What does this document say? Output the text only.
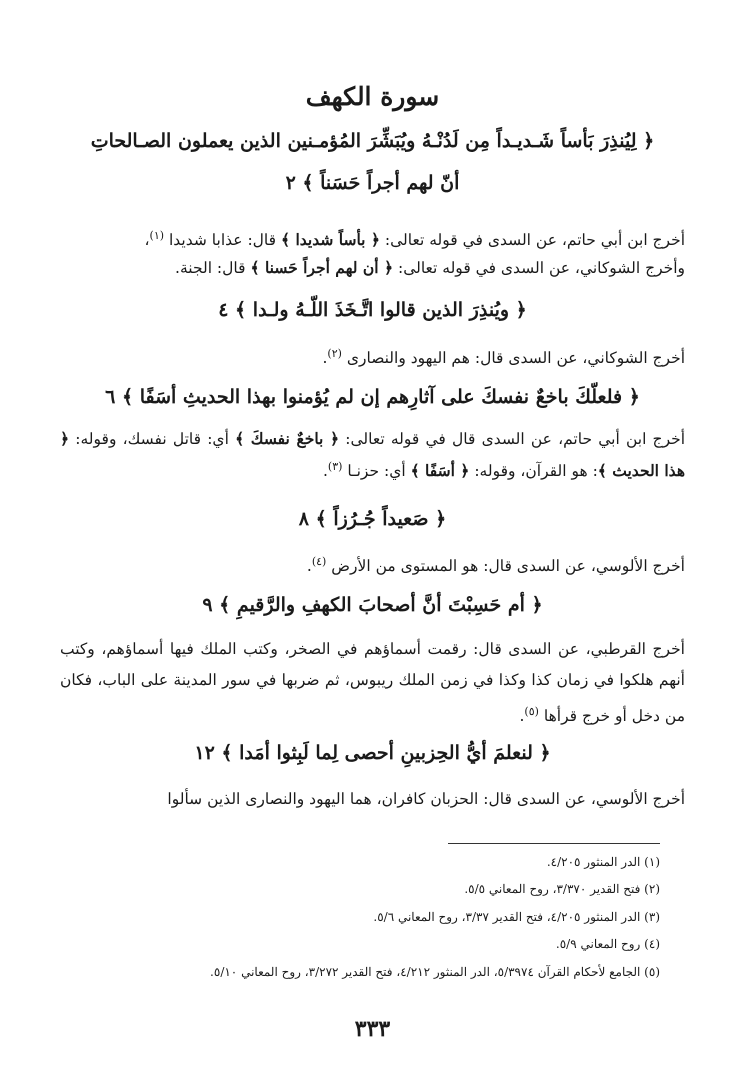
سورة الكهف
﴿ لِيُنذِرَ بَأساً شَـديـداً مِن لَدُنْـهُ ويُبَشِّرَ المُؤمـنين الذين يعملون الصـالحاتِ
أنّ لهم أجراً حَسَناً ﴾ ٢
أخرج ابن أبي حاتم، عن السدى في قوله تعالى: ﴿ بأساً شديدا ﴾ قال: عذابا شديدا $^{(١)}$،
وأخرج الشوكاني، عن السدى في قوله تعالى: ﴿ أن لهم أجراً حَسنا ﴾ قال: الجنة.
﴿ ويُنذِرَ الذين قالوا اتَّـخَذَ اللّـهُ ولـدا ﴾ ٤
أخرج الشوكاني، عن السدى قال: هم اليهود والنصارى $^{(٢)}$.
﴿ فلعلّكَ باخعٌ نفسكَ على آثارِهم إن لم يُؤمنوا بهذا الحديثِ أسَفًا ﴾ ٦
أخرج ابن أبي حاتم، عن السدى قال في قوله تعالى: ﴿ باخعٌ نفسكَ ﴾ أي: قاتل نفسك، وقوله: ﴿ هذا الحديث ﴾: هو القرآن، وقوله: ﴿ أسَفًا ﴾ أي: حزنـا $^{(٣)}$.
﴿ صَعيداً جُـرُزاً ﴾ ٨
أخرج الألوسي، عن السدى قال: هو المستوى من الأرض $^{(٤)}$.
﴿ أم حَسِبْتَ أنَّ أصحابَ الكهفِ والرَّقيمِ ﴾ ٩
أخرج القرطبي، عن السدى قال: رقمت أسماؤهم في الصخر، وكتب الملك فيها أسماؤهم، وكتب أنهم هلكوا في زمان كذا وكذا في زمن الملك ريبوس، ثم ضربها في سور المدينة على الباب، فكان من دخل أو خرج قرأها $^{(٥)}$.
﴿ لنعلمَ أيُّ الحِزبينِ أحصى لِما لَبِثوا أمَدا ﴾ ١٢
أخرج الألوسي، عن السدى قال: الحزبان كافران، هما اليهود والنصارى الذين سألوا
(١) الدر المنثور ٤/٢٠٥.
(٢) فتح القدير ٣/٣٧٠، روح المعاني ٥/٥.
(٣) الدر المنثور ٤/٢٠٥، فتح القدير ٣/٣٧، روح المعاني ٥/٦.
(٤) روح المعاني ٥/٩.
(٥) الجامع لأحكام القرآن ٥/٣٩٧٤، الدر المنثور ٤/٢١٢، فتح القدير ٣/٢٧٢، روح المعاني ٥/١٠.
٣٣٣
